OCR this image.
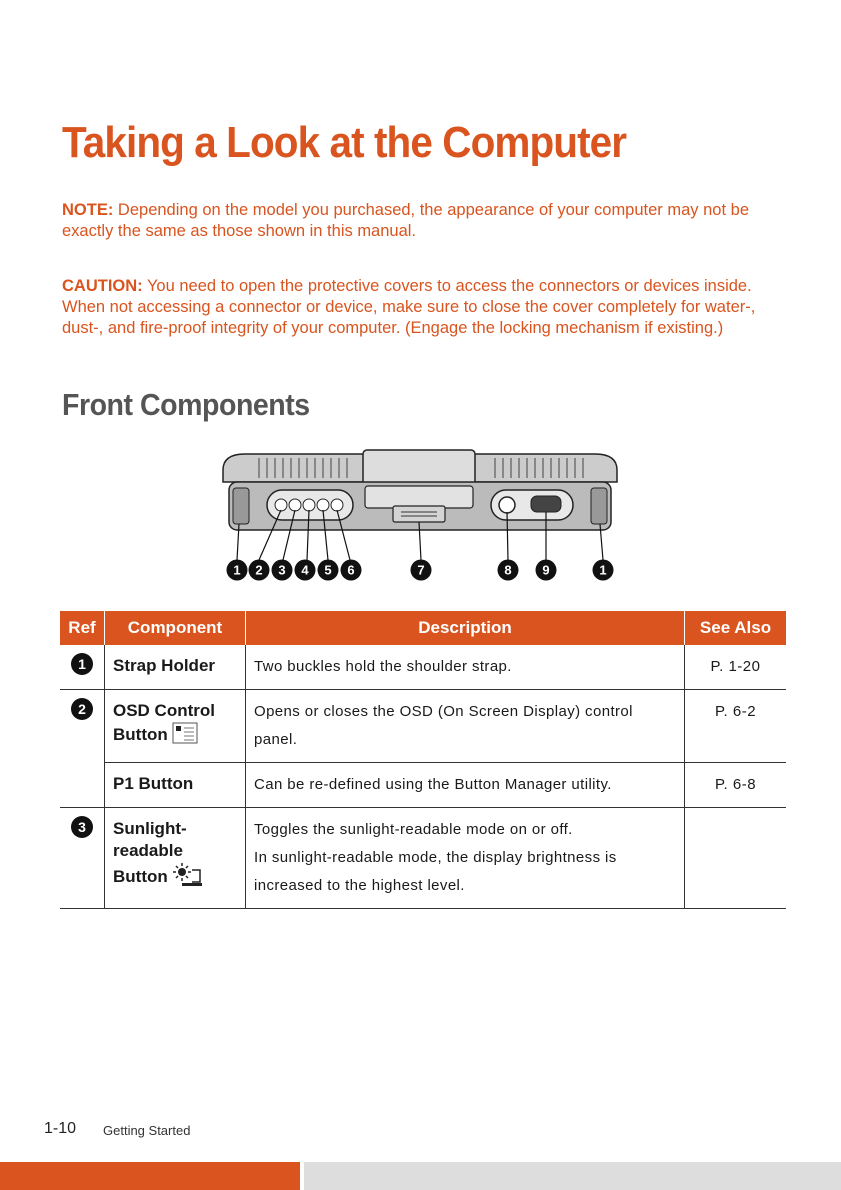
Taking a Look at the Computer

NOTE: Depending on the model you purchased, the appearance of your computer may not be exactly the same as those shown in this manual.

CAUTION: You need to open the protective covers to access the connectors or devices inside. When not accessing a connector or device, make sure to close the cover completely for water-, dust-, and fire-proof integrity of your computer. (Engage the locking mechanism if existing.)

Front Components
1 2 3 4 5 6	7	8 9	1
Ref	Component	Description	See Also
1	Strap Holder	Two buckles hold the shoulder strap.	P. 1-20
2	OSD Control Button	Opens or closes the OSD (On Screen Display) control panel.	P. 6-2
	P1 Button	Can be re-defined using the Button Manager utility.	P. 6-8
3	Sunlight-readable Button	Toggles the sunlight-readable mode on or off.
In sunlight-readable mode, the display brightness is increased to the highest level.	

1-10 Getting Started
